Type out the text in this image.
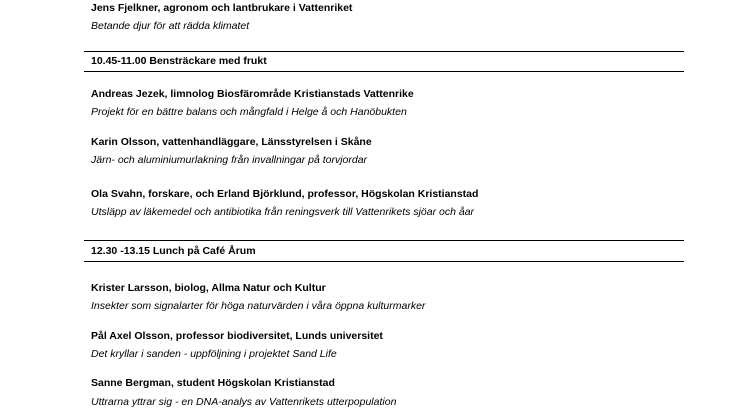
Jens Fjelkner, agronom och lantbrukare i Vattenriket
Betande djur för att rädda klimatet
10.45-11.00 Bensträckare med frukt
Andreas Jezek, limnolog Biosfärområde Kristianstads Vattenrike
Projekt för en bättre balans och mångfald i Helge å och Hanöbukten
Karin Olsson, vattenhandläggare, Länsstyrelsen i Skåne
Järn- och aluminiumurlakning från invallningar på torvjordar
Ola Svahn, forskare, och Erland Björklund, professor, Högskolan Kristianstad
Utsläpp av läkemedel och antibiotika från reningsverk till Vattenrikets sjöar och åar
12.30 -13.15 Lunch på Café Årum
Krister Larsson, biolog, Allma Natur och Kultur
Insekter som signalarter för höga naturvärden i våra öppna kulturmarker
Pål Axel Olsson, professor biodiversitet, Lunds universitet
Det kryllar i sanden - uppföljning i projektet Sand Life
Sanne Bergman, student Högskolan Kristianstad
Uttrarna yttrar sig - en DNA-analys av Vattenrikets utterpopulation
